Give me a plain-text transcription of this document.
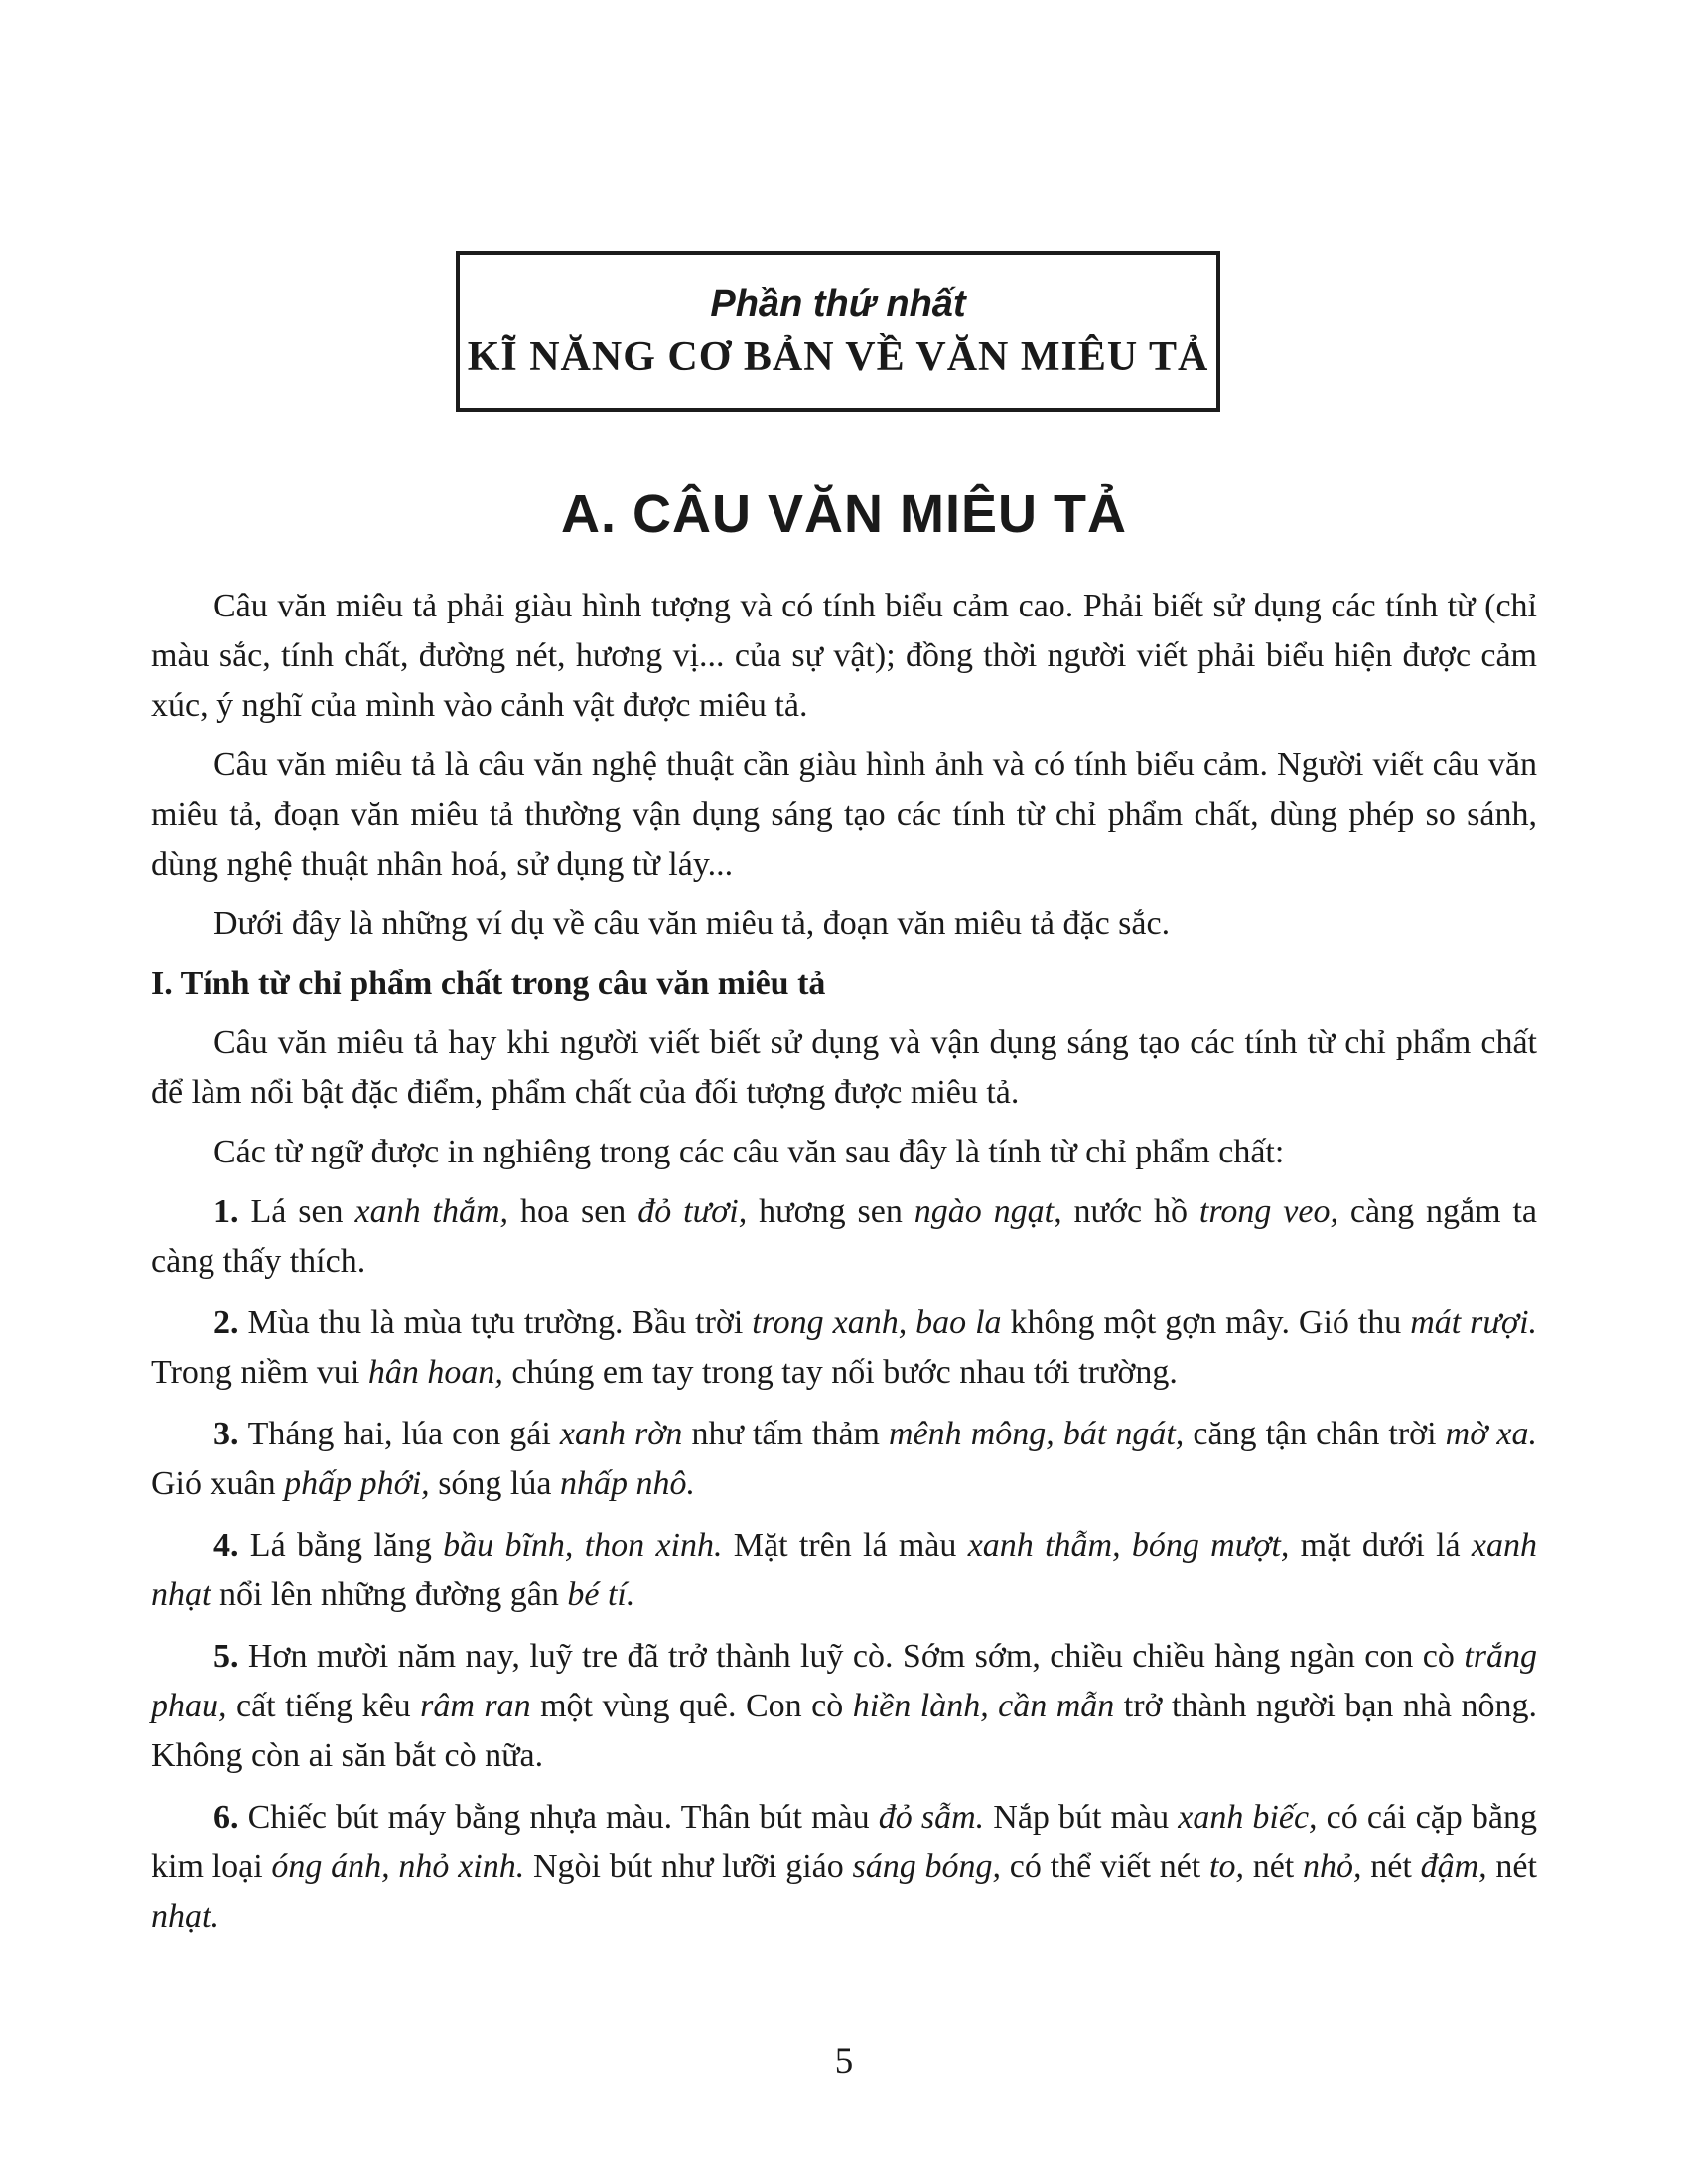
Phần thứ nhất
KĨ NĂNG CƠ BẢN VỀ VĂN MIÊU TẢ
A. CÂU VĂN MIÊU TẢ

Câu văn miêu tả phải giàu hình tượng và có tính biểu cảm cao. Phải biết sử dụng các tính từ (chỉ màu sắc, tính chất, đường nét, hương vị... của sự vật); đồng thời người viết phải biểu hiện được cảm xúc, ý nghĩ của mình vào cảnh vật được miêu tả.

Câu văn miêu tả là câu văn nghệ thuật cần giàu hình ảnh và có tính biểu cảm. Người viết câu văn miêu tả, đoạn văn miêu tả thường vận dụng sáng tạo các tính từ chỉ phẩm chất, dùng phép so sánh, dùng nghệ thuật nhân hoá, sử dụng từ láy...

Dưới đây là những ví dụ về câu văn miêu tả, đoạn văn miêu tả đặc sắc.

I. Tính từ chỉ phẩm chất trong câu văn miêu tả

Câu văn miêu tả hay khi người viết biết sử dụng và vận dụng sáng tạo các tính từ chỉ phẩm chất để làm nổi bật đặc điểm, phẩm chất của đối tượng được miêu tả.

Các từ ngữ được in nghiêng trong các câu văn sau đây là tính từ chỉ phẩm chất:

1. Lá sen xanh thắm, hoa sen đỏ tươi, hương sen ngào ngạt, nước hồ trong veo, càng ngắm ta càng thấy thích.

2. Mùa thu là mùa tựu trường. Bầu trời trong xanh, bao la không một gợn mây. Gió thu mát rượi. Trong niềm vui hân hoan, chúng em tay trong tay nối bước nhau tới trường.

3. Tháng hai, lúa con gái xanh rờn như tấm thảm mênh mông, bát ngát, căng tận chân trời mờ xa. Gió xuân phấp phới, sóng lúa nhấp nhô.

4. Lá bằng lăng bầu bĩnh, thon xinh. Mặt trên lá màu xanh thẫm, bóng mượt, mặt dưới lá xanh nhạt nổi lên những đường gân bé tí.

5. Hơn mười năm nay, luỹ tre đã trở thành luỹ cò. Sớm sớm, chiều chiều hàng ngàn con cò trắng phau, cất tiếng kêu râm ran một vùng quê. Con cò hiền lành, cần mẫn trở thành người bạn nhà nông. Không còn ai săn bắt cò nữa.

6. Chiếc bút máy bằng nhựa màu. Thân bút màu đỏ sẫm. Nắp bút màu xanh biếc, có cái cặp bằng kim loại óng ánh, nhỏ xinh. Ngòi bút như lưỡi giáo sáng bóng, có thể viết nét to, nét nhỏ, nét đậm, nét nhạt.

5
